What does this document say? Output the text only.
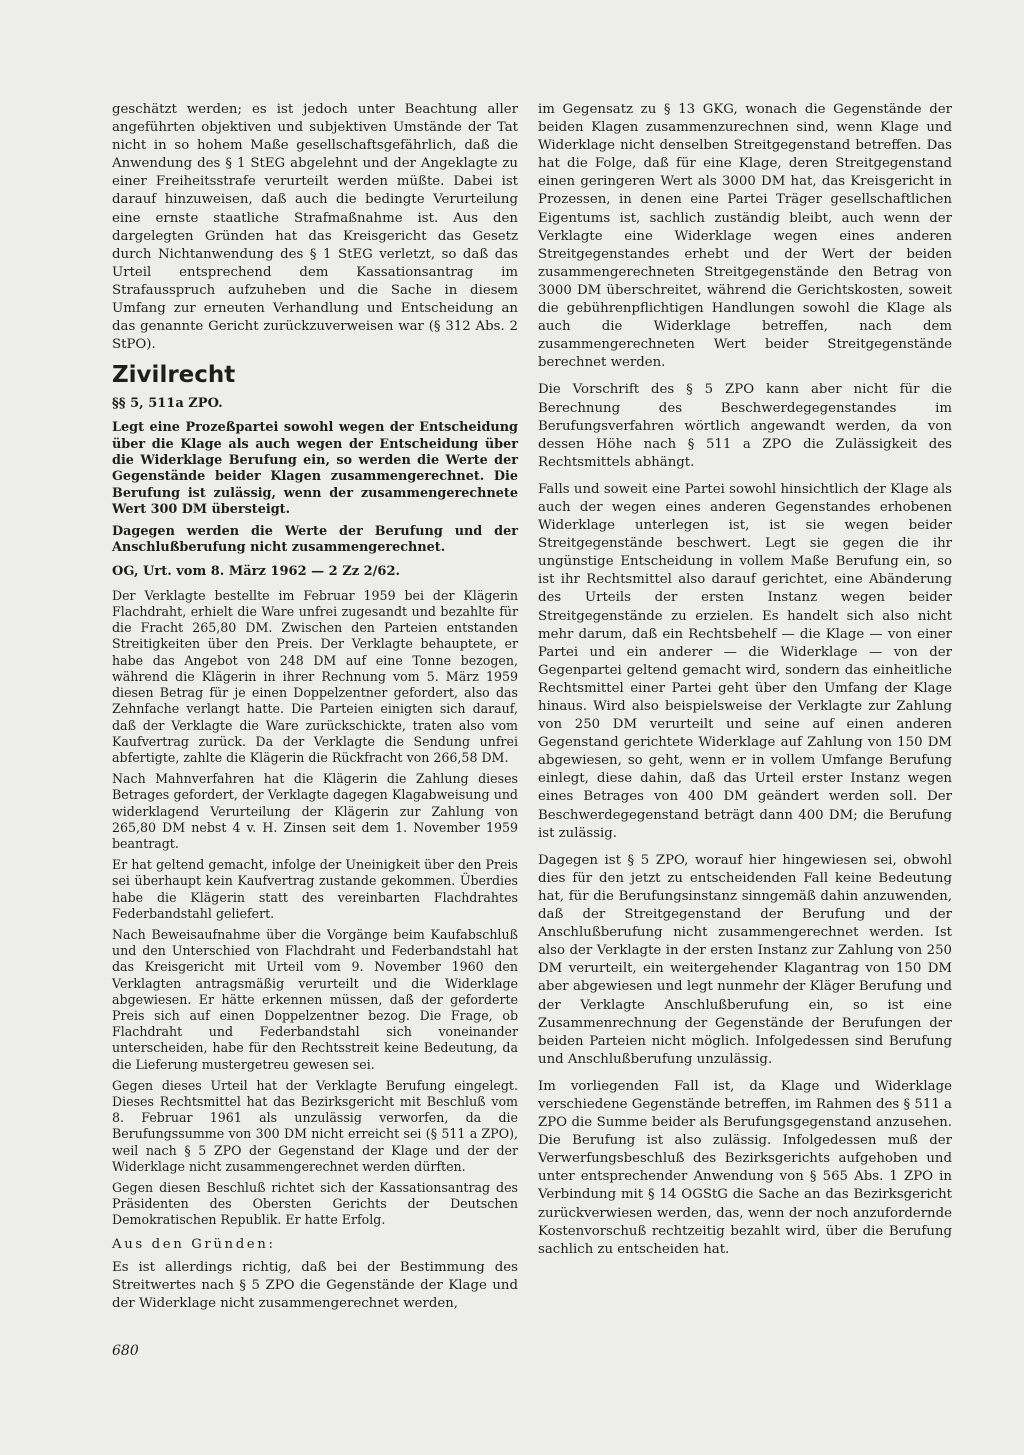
geschätzt werden; es ist jedoch unter Beachtung aller angeführten objektiven und subjektiven Umstände der Tat nicht in so hohem Maße gesellschaftsgefährlich, daß die Anwendung des § 1 StEG abgelehnt und der Angeklagte zu einer Freiheitsstrafe verurteilt werden müßte. Dabei ist darauf hinzuweisen, daß auch die bedingte Verurteilung eine ernste staatliche Strafmaßnahme ist. Aus den dargelegten Gründen hat das Kreisgericht das Gesetz durch Nichtanwendung des § 1 StEG verletzt, so daß das Urteil entsprechend dem Kassationsantrag im Strafausspruch aufzuheben und die Sache in diesem Umfang zur erneuten Verhandlung und Entscheidung an das genannte Gericht zurückzuverweisen war (§ 312 Abs. 2 StPO).

Zivilrecht

§§ 5, 511a ZPO.

Legt eine Prozeßpartei sowohl wegen der Entscheidung über die Klage als auch wegen der Entscheidung über die Widerklage Berufung ein, so werden die Werte der Gegenstände beider Klagen zusammengerechnet. Die Berufung ist zulässig, wenn der zusammengerechnete Wert 300 DM übersteigt.

Dagegen werden die Werte der Berufung und der Anschlußberufung nicht zusammengerechnet.

OG, Urt. vom 8. März 1962 — 2 Zz 2/62.

Der Verklagte bestellte im Februar 1959 bei der Klägerin Flachdraht, erhielt die Ware unfrei zugesandt und bezahlte für die Fracht 265,80 DM. Zwischen den Parteien entstanden Streitigkeiten über den Preis. Der Verklagte behauptete, er habe das Angebot von 248 DM auf eine Tonne bezogen, während die Klägerin in ihrer Rechnung vom 5. März 1959 diesen Betrag für je einen Doppelzentner gefordert, also das Zehnfache verlangt hatte. Die Parteien einigten sich darauf, daß der Verklagte die Ware zurückschickte, traten also vom Kaufvertrag zurück. Da der Verklagte die Sendung unfrei abfertigte, zahlte die Klägerin die Rückfracht von 266,58 DM.

Nach Mahnverfahren hat die Klägerin die Zahlung dieses Betrages gefordert, der Verklagte dagegen Klagabweisung und widerklagend Verurteilung der Klägerin zur Zahlung von 265,80 DM nebst 4 v. H. Zinsen seit dem 1. November 1959 beantragt.

Er hat geltend gemacht, infolge der Uneinigkeit über den Preis sei überhaupt kein Kaufvertrag zustande gekommen. Überdies habe die Klägerin statt des vereinbarten Flachdrahtes Federbandstahl geliefert.

Nach Beweisaufnahme über die Vorgänge beim Kaufabschluß und den Unterschied von Flachdraht und Federbandstahl hat das Kreisgericht mit Urteil vom 9. November 1960 den Verklagten antragsmäßig verurteilt und die Widerklage abgewiesen. Er hätte erkennen müssen, daß der geforderte Preis sich auf einen Doppelzentner bezog. Die Frage, ob Flachdraht und Federbandstahl sich voneinander unterscheiden, habe für den Rechtsstreit keine Bedeutung, da die Lieferung mustergetreu gewesen sei.

Gegen dieses Urteil hat der Verklagte Berufung eingelegt. Dieses Rechtsmittel hat das Bezirksgericht mit Beschluß vom 8. Februar 1961 als unzulässig verworfen, da die Berufungssumme von 300 DM nicht erreicht sei (§ 511 a ZPO), weil nach § 5 ZPO der Gegenstand der Klage und der der Widerklage nicht zusammengerechnet werden dürften.

Gegen diesen Beschluß richtet sich der Kassationsantrag des Präsidenten des Obersten Gerichts der Deutschen Demokratischen Republik. Er hatte Erfolg.

Aus den Gründen:

Es ist allerdings richtig, daß bei der Bestimmung des Streitwertes nach § 5 ZPO die Gegenstände der Klage und der Widerklage nicht zusammengerechnet werden,

im Gegensatz zu § 13 GKG, wonach die Gegenstände der beiden Klagen zusammenzurechnen sind, wenn Klage und Widerklage nicht denselben Streitgegenstand betreffen. Das hat die Folge, daß für eine Klage, deren Streitgegenstand einen geringeren Wert als 3000 DM hat, das Kreisgericht in Prozessen, in denen eine Partei Träger gesellschaftlichen Eigentums ist, sachlich zuständig bleibt, auch wenn der Verklagte eine Widerklage wegen eines anderen Streitgegenstandes erhebt und der Wert der beiden zusammengerechneten Streitgegenstände den Betrag von 3000 DM überschreitet, während die Gerichtskosten, soweit die gebührenpflichtigen Handlungen sowohl die Klage als auch die Widerklage betreffen, nach dem zusammengerechneten Wert beider Streitgegenstände berechnet werden.

Die Vorschrift des § 5 ZPO kann aber nicht für die Berechnung des Beschwerdegegenstandes im Berufungsverfahren wörtlich angewandt werden, da von dessen Höhe nach § 511 a ZPO die Zulässigkeit des Rechtsmittels abhängt.

Falls und soweit eine Partei sowohl hinsichtlich der Klage als auch der wegen eines anderen Gegenstandes erhobenen Widerklage unterlegen ist, ist sie wegen beider Streitgegenstände beschwert. Legt sie gegen die ihr ungünstige Entscheidung in vollem Maße Berufung ein, so ist ihr Rechtsmittel also darauf gerichtet, eine Abänderung des Urteils der ersten Instanz wegen beider Streitgegenstände zu erzielen. Es handelt sich also nicht mehr darum, daß ein Rechtsbehelf — die Klage — von einer Partei und ein anderer — die Widerklage — von der Gegenpartei geltend gemacht wird, sondern das einheitliche Rechtsmittel einer Partei geht über den Umfang der Klage hinaus. Wird also beispielsweise der Verklagte zur Zahlung von 250 DM verurteilt und seine auf einen anderen Gegenstand gerichtete Widerklage auf Zahlung von 150 DM abgewiesen, so geht, wenn er in vollem Umfange Berufung einlegt, diese dahin, daß das Urteil erster Instanz wegen eines Betrages von 400 DM geändert werden soll. Der Beschwerdegegenstand beträgt dann 400 DM; die Berufung ist zulässig.

Dagegen ist § 5 ZPO, worauf hier hingewiesen sei, obwohl dies für den jetzt zu entscheidenden Fall keine Bedeutung hat, für die Berufungsinstanz sinngemäß dahin anzuwenden, daß der Streitgegenstand der Berufung und der Anschlußberufung nicht zusammengerechnet werden. Ist also der Verklagte in der ersten Instanz zur Zahlung von 250 DM verurteilt, ein weitergehender Klagantrag von 150 DM aber abgewiesen und legt nunmehr der Kläger Berufung und der Verklagte Anschlußberufung ein, so ist eine Zusammenrechnung der Gegenstände der Berufungen der beiden Parteien nicht möglich. Infolgedessen sind Berufung und Anschlußberufung unzulässig.

Im vorliegenden Fall ist, da Klage und Widerklage verschiedene Gegenstände betreffen, im Rahmen des § 511 a ZPO die Summe beider als Berufungsgegenstand anzusehen. Die Berufung ist also zulässig. Infolgedessen muß der Verwerfungsbeschluß des Bezirksgerichts aufgehoben und unter entsprechender Anwendung von § 565 Abs. 1 ZPO in Verbindung mit § 14 OGStG die Sache an das Bezirksgericht zurückverwiesen werden, das, wenn der noch anzufordernde Kostenvorschuß rechtzeitig bezahlt wird, über die Berufung sachlich zu entscheiden hat.

680
